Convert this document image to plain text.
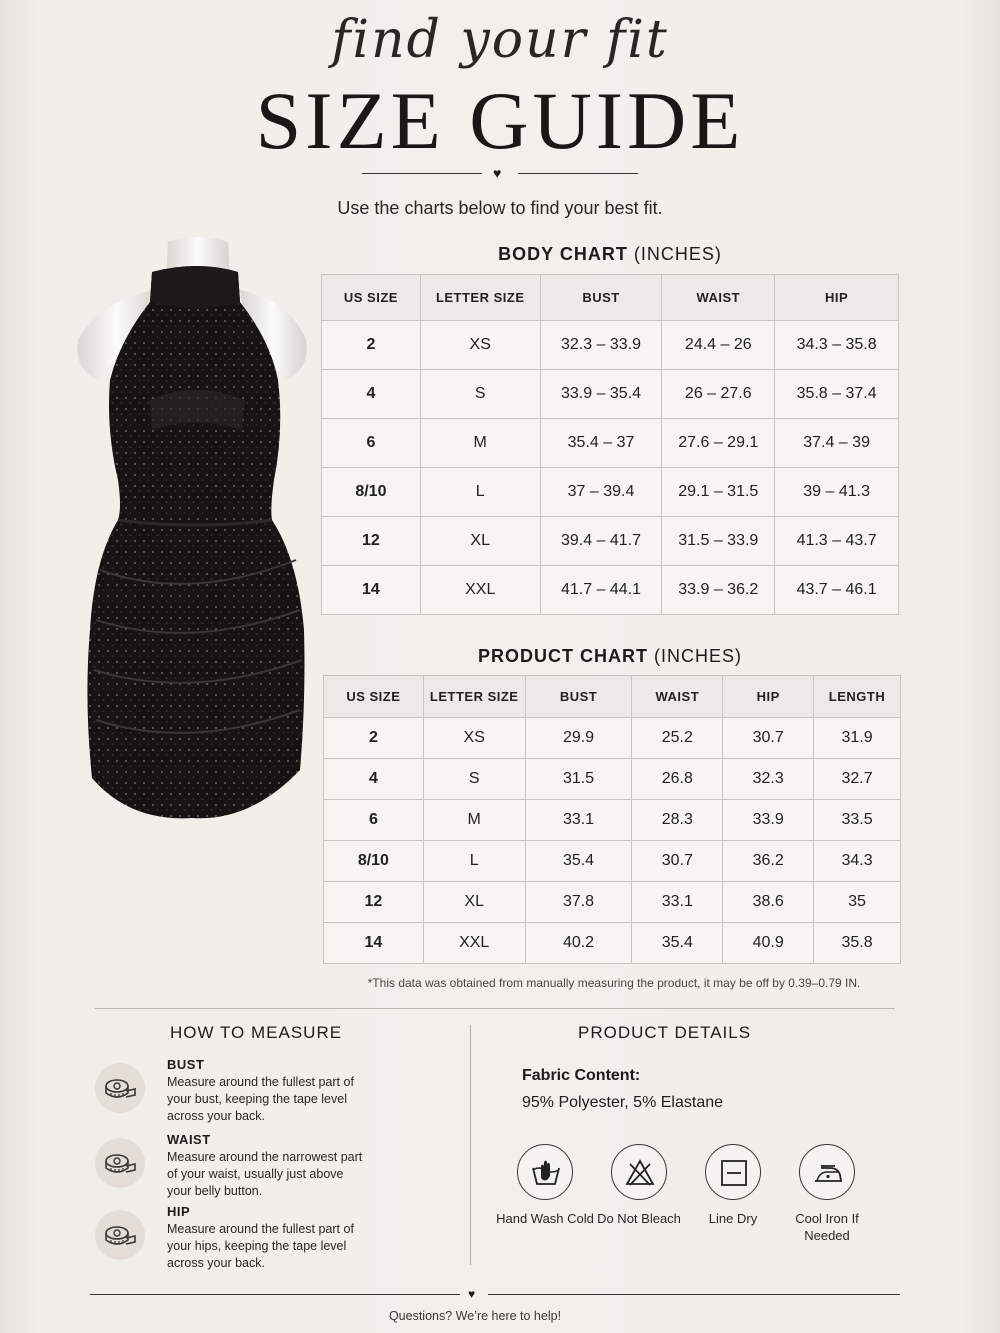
find your fit
SIZE GUIDE
♥
Use the charts below to find your best fit.
BODY CHART (INCHES)
US SIZE	LETTER SIZE	BUST	WAIST	HIP
2	XS	32.3 – 33.9	24.4 – 26	34.3 – 35.8
4	S	33.9 – 35.4	26 – 27.6	35.8 – 37.4
6	M	35.4 – 37	27.6 – 29.1	37.4 – 39
8/10	L	37 – 39.4	29.1 – 31.5	39 – 41.3
12	XL	39.4 – 41.7	31.5 – 33.9	41.3 – 43.7
14	XXL	41.7 – 44.1	33.9 – 36.2	43.7 – 46.1
PRODUCT CHART (INCHES)
US SIZE	LETTER SIZE	BUST	WAIST	HIP	LENGTH
2	XS	29.9	25.2	30.7	31.9
4	S	31.5	26.8	32.3	32.7
6	M	33.1	28.3	33.9	33.5
8/10	L	35.4	30.7	36.2	34.3
12	XL	37.8	33.1	38.6	35
14	XXL	40.2	35.4	40.9	35.8
*This data was obtained from manually measuring the product, it may be off by 0.39–0.79 IN.
HOW TO MEASURE
BUST
Measure around the fullest part of your bust, keeping the tape level across your back.
WAIST
Measure around the narrowest part of your waist, usually just above your belly button.
HIP
Measure around the fullest part of your hips, keeping the tape level across your back.
PRODUCT DETAILS
Fabric Content:
95% Polyester, 5% Elastane
Hand Wash Cold Do Not Bleach	Line Dry	Cool Iron If Needed
♥
Questions? We’re here to help!
